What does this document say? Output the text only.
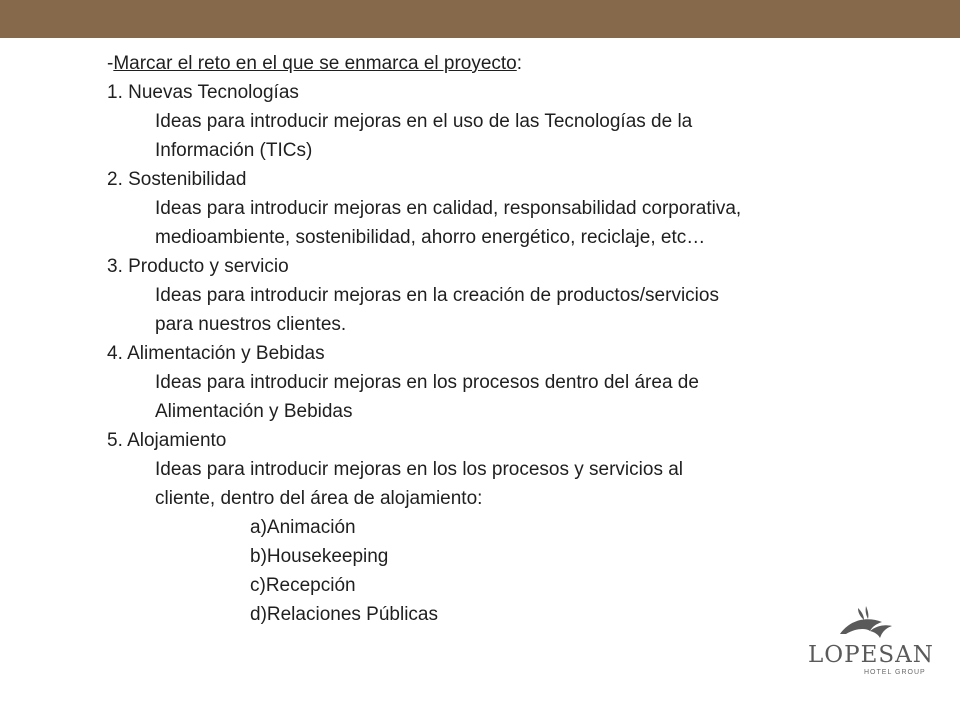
-Marcar el reto en el que se enmarca el proyecto:

1. Nuevas Tecnologías

Ideas para introducir mejoras en el uso de las Tecnologías de la

Información (TICs)

2. Sostenibilidad

Ideas para introducir mejoras en calidad, responsabilidad corporativa,

medioambiente, sostenibilidad, ahorro energético, reciclaje, etc…

3. Producto y servicio

Ideas para introducir mejoras en la creación de productos/servicios

para nuestros clientes.

4. Alimentación y Bebidas

Ideas para introducir mejoras en los procesos dentro del área de

Alimentación y Bebidas

5. Alojamiento

Ideas para introducir mejoras en los los procesos y servicios al

cliente, dentro del área de alojamiento:

a)Animación

b)Housekeeping

c)Recepción

d)Relaciones Públicas

LOPESAN
HOTEL GROUP
